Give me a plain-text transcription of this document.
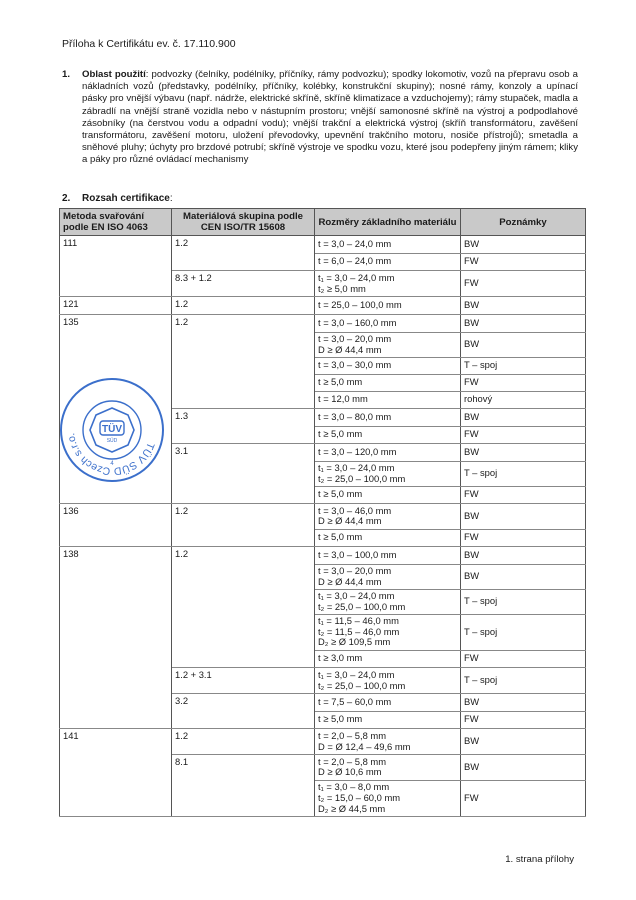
Příloha k Certifikátu ev. č. 17.110.900
1. Oblast použití: podvozky (čelníky, podélníky, příčníky, rámy podvozku); spodky lokomotiv, vozů na přepravu osob a nákladních vozů (představky, podélníky, příčníky, kolébky, konstrukční skupiny); nosné rámy, konzoly a upínací pásky pro vnější výbavu (např. nádrže, elektrické skříně, skříně klimatizace a vzduchojemy); rámy stupaček, madla a zábradlí na vnější straně vozidla nebo v nástupním prostoru; vnější samonosné skříně na výstroj a podpodlahové zásobníky (na čerstvou vodu a odpadní vodu); vnější trakční a elektrická výstroj (skříň transformátoru, zavěšení transformátoru, zavěšení motoru, uložení převodovky, upevnění trakčního motoru, nosiče přístrojů); smetadla a sněhové pluhy; úchyty pro brzdové potrubí; skříně výstroje ve spodku vozu, které jsou podepřeny jiným rámem; kliky a páky pro různé ovládací mechanismy
2. Rozsah certifikace:
Metoda svařování podle EN ISO 4063	Materiálová skupina podle CEN ISO/TR 15608	Rozměry základního materiálu	Poznámky
111	1.2	t = 3,0 – 24,0 mm	BW

		t = 6,0 – 24,0 mm	FW
	8.3 + 1.2	t₁ = 3,0 – 24,0 mm
t₂ ≥ 5,0 mm	FW
121	1.2	t = 25,0 – 100,0 mm	BW
135	1.2	t = 3,0 – 160,0 mm	BW

		t = 3,0 – 20,0 mm
D ≥ Ø 44,4 mm	BW

		t = 3,0 – 30,0 mm	T – spoj

		t ≥ 5,0 mm	FW

		t = 12,0 mm	rohový
	1.3	t = 3,0 – 80,0 mm	BW

		t ≥ 5,0 mm	FW
	3.1	t = 3,0 – 120,0 mm	BW

		t₁ = 3,0 – 24,0 mm
t₂ = 25,0 – 100,0 mm	T – spoj

		t ≥ 5,0 mm	FW
136	1.2	t = 3,0 – 46,0 mm
D ≥ Ø 44,4 mm	BW

		t ≥ 5,0 mm	FW
138	1.2	t = 3,0 – 100,0 mm	BW

		t = 3,0 – 20,0 mm
D ≥ Ø 44,4 mm	BW

		t₁ = 3,0 – 24,0 mm
t₂ = 25,0 – 100,0 mm	T – spoj

		t₁ = 11,5 – 46,0 mm
t₂ = 11,5 – 46,0 mm
D₂ ≥ Ø 109,5 mm	T – spoj

		t ≥ 3,0 mm	FW
	1.2 + 3.1	t₁ = 3,0 – 24,0 mm
t₂ = 25,0 – 100,0 mm	T – spoj
	3.2	t = 7,5 – 60,0 mm	BW

		t ≥ 5,0 mm	FW
141	1.2	t = 2,0 – 5,8 mm
D = Ø 12,4 – 49,6 mm	BW
	8.1	t = 2,0 – 5,8 mm
D ≥ Ø 10,6 mm	BW

		t₁ = 3,0 – 8,0 mm
t₂ = 15,0 – 60,0 mm
D₂ ≥ Ø 44,5 mm	FW
TÜV SÜD Czech s.r.o.	TÜV
SÜD
4
1. strana přílohy
